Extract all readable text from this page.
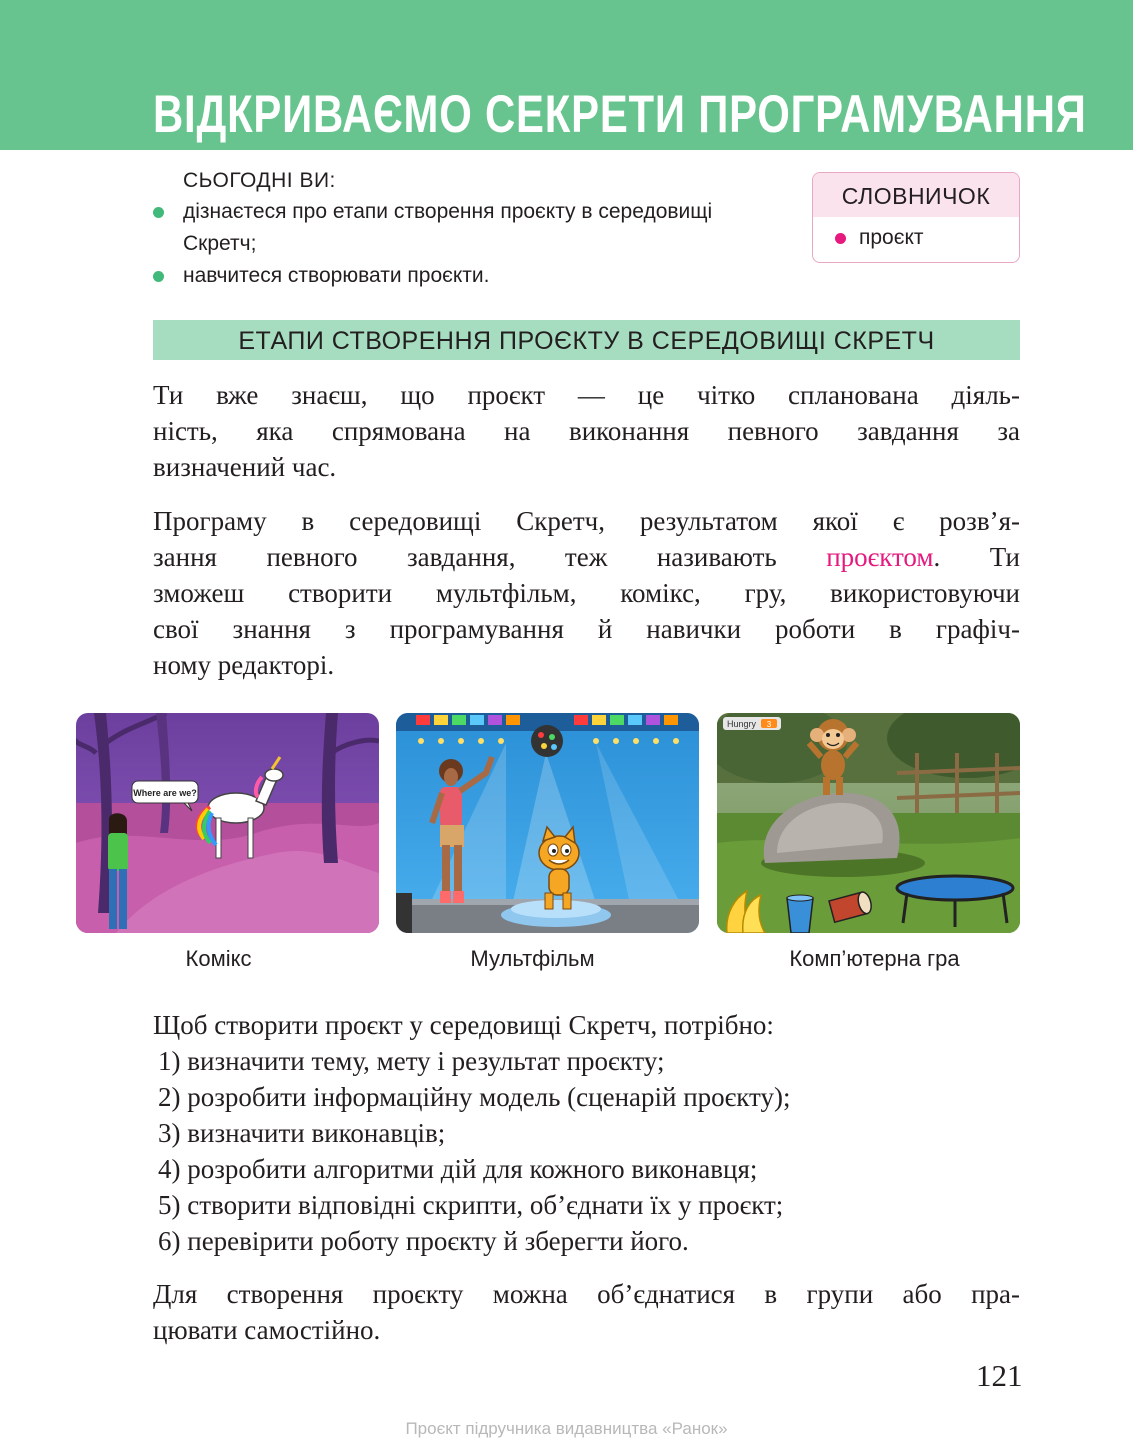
ВІДКРИВАЄМО СЕКРЕТИ ПРОГРАМУВАННЯ
СЬОГОДНІ ВИ:
дізнаєтеся про етапи створення проєкту в середовищі Скретч;
навчитеся створювати проєкти.
СЛОВНИЧОК
проєкт
ЕТАПИ СТВОРЕННЯ ПРОЄКТУ В СЕРЕДОВИЩІ СКРЕТЧ

Ти вже знаєш, що проєкт — це чітко спланована діяль-
ність, яка спрямована на виконання певного завдання за
визначений час.

Програму в середовищі Скретч, результатом якої є розв’я-
зання певного завдання, теж називають проєктом. Ти
зможеш створити мультфільм, комікс, гру, використовуючи
свої знання з програмування й навички роботи в графіч-
ному редакторі.

Where are we?
Комікс	Мультфільм
Hungry 3
Комп’ютерна гра

Щоб створити проєкт у середовищі Скретч, потрібно:

1) визначити тему, мету і результат проєкту;
2) розробити інформаційну модель (сценарій проєкту);
3) визначити виконавців;
4) розробити алгоритми дій для кожного виконавця;
5) створити відповідні скрипти, об’єднати їх у проєкт;
6) перевірити роботу проєкту й зберегти його.

Для створення проєкту можна об’єднатися в групи або пра-
цювати самостійно.

121
Проєкт підручника видавництва «Ранок»
